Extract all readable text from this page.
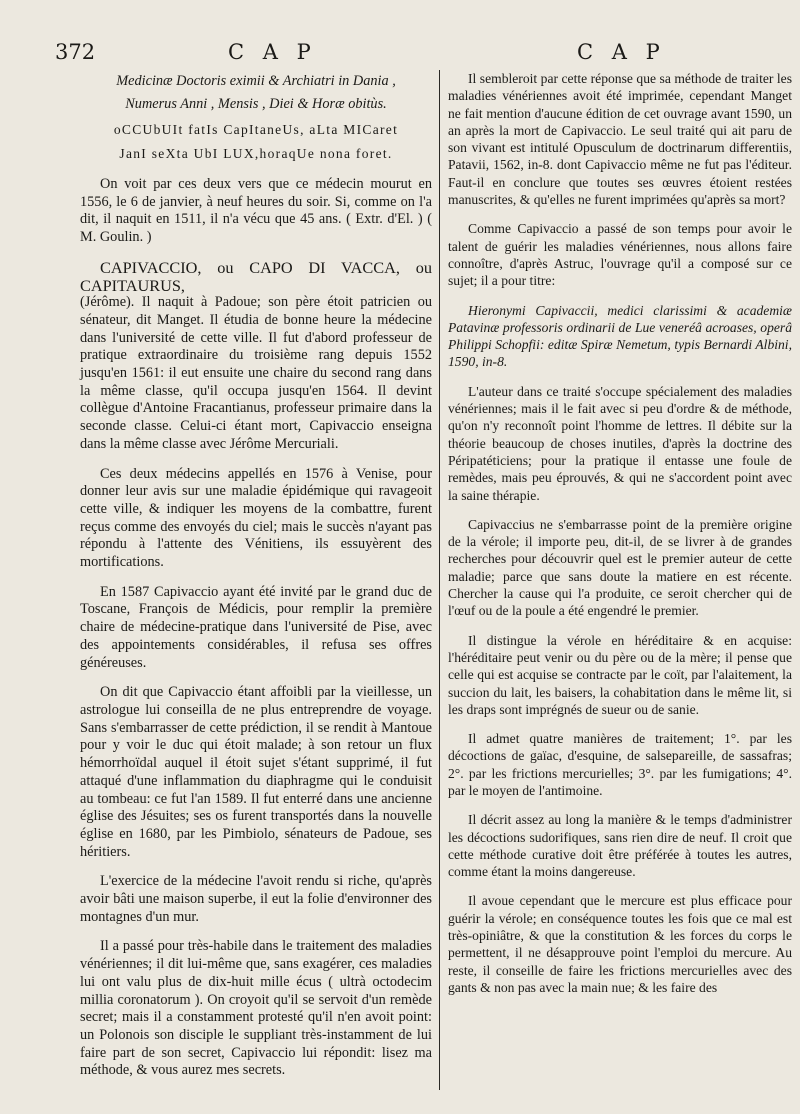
372	C A P	C A P

Medicinæ Doctoris eximii & Archiatri in Dania ,

Numerus Anni , Mensis , Diei & Horæ obitùs.

oCCUbUIt fatIs CapItaneUs, aLta MICaret

JanI seXta UbI LUX,horaqUe nona foret.

On voit par ces deux vers que ce médecin mourut en 1556, le 6 de janvier, à neuf heures du soir. Si, comme on l'a dit, il naquit en 1511, il n'a vécu que 45 ans. ( Extr. d'El. ) ( M. Goulin. )

CAPIVACCIO, ou CAPO DI VACCA, ou CAPITAURUS,

(Jérôme). Il naquit à Padoue; son père étoit patricien ou sénateur, dit Manget. Il étudia de bonne heure la médecine dans l'université de cette ville. Il fut d'abord professeur de pratique extraordinaire du troisième rang depuis 1552 jusqu'en 1561: il eut ensuite une chaire du second rang dans la même classe, qu'il occupa jusqu'en 1564. Il devint collègue d'Antoine Fracantianus, professeur primaire dans la seconde classe. Celui-ci étant mort, Capivaccio enseigna dans la même classe avec Jérôme Mercuriali.

Ces deux médecins appellés en 1576 à Venise, pour donner leur avis sur une maladie épidémique qui ravageoit cette ville, & indiquer les moyens de la combattre, furent reçus comme des envoyés du ciel; mais le succès n'ayant pas répondu à l'attente des Vénitiens, ils essuyèrent des mortifications.

En 1587 Capivaccio ayant été invité par le grand duc de Toscane, François de Médicis, pour remplir la première chaire de médecine-pratique dans l'université de Pise, avec des appointements considérables, il refusa ses offres généreuses.

On dit que Capivaccio étant affoibli par la vieillesse, un astrologue lui conseilla de ne plus entreprendre de voyage. Sans s'embarrasser de cette prédiction, il se rendit à Mantoue pour y voir le duc qui étoit malade; à son retour un flux hémorrhoïdal auquel il étoit sujet s'étant supprimé, il fut attaqué d'une inflammation du diaphragme qui le conduisit au tombeau: ce fut l'an 1589. Il fut enterré dans une ancienne église des Jésuites; ses os furent transportés dans la nouvelle église en 1680, par les Pimbiolo, sénateurs de Padoue, ses héritiers.

L'exercice de la médecine l'avoit rendu si riche, qu'après avoir bâti une maison superbe, il eut la folie d'environner des montagnes d'un mur.

Il a passé pour très-habile dans le traitement des maladies vénériennes; il dit lui-même que, sans exagérer, ces maladies lui ont valu plus de dix-huit mille écus ( ultrà octodecim millia coronatorum ). On croyoit qu'il se servoit d'un remède secret; mais il a constamment protesté qu'il n'en avoit point: un Polonois son disciple le suppliant très-instamment de lui faire part de son secret, Capivaccio lui répondit: lisez ma méthode, & vous aurez mes secrets.

Il sembleroit par cette réponse que sa méthode de traiter les maladies vénériennes avoit été imprimée, cependant Manget ne fait mention d'aucune édition de cet ouvrage avant 1590, un an après la mort de Capivaccio. Le seul traité qui ait paru de son vivant est intitulé Opusculum de doctrinarum differentiis, Patavii, 1562, in-8. dont Capivaccio même ne fut pas l'éditeur. Faut-il en conclure que toutes ses œuvres étoient restées manuscrites, & qu'elles ne furent imprimées qu'après sa mort?

Comme Capivaccio a passé de son temps pour avoir le talent de guérir les maladies vénériennes, nous allons faire connoître, d'après Astruc, l'ouvrage qu'il a composé sur ce sujet; il a pour titre:

Hieronymi Capivaccii, medici clarissimi & academiæ Patavinæ professoris ordinarii de Lue veneréâ acroases, operâ Philippi Schopfii: editæ Spiræ Nemetum, typis Bernardi Albini, 1590, in-8.

L'auteur dans ce traité s'occupe spécialement des maladies vénériennes; mais il le fait avec si peu d'ordre & de méthode, qu'on n'y reconnoît point l'homme de lettres. Il débite sur la théorie beaucoup de choses inutiles, d'après la doctrine des Péripatéticiens; pour la pratique il entasse une foule de remèdes, mais peu éprouvés, & qui ne s'accordent point avec la saine thérapie.

Capivaccius ne s'embarrasse point de la première origine de la vérole; il importe peu, dit-il, de se livrer à de grandes recherches pour découvrir quel est le premier auteur de cette maladie; parce que sans doute la matiere en est récente. Chercher la cause qui l'a produite, ce seroit chercher qui de l'œuf ou de la poule a été engendré le premier.

Il distingue la vérole en héréditaire & en acquise: l'héréditaire peut venir ou du père ou de la mère; il pense que celle qui est acquise se contracte par le coït, par l'alaitement, la succion du lait, les baisers, la cohabitation dans le même lit, si les draps sont imprégnés de sueur ou de sanie.

Il admet quatre manières de traitement; 1°. par les décoctions de gaïac, d'esquine, de salsepareille, de sassafras; 2°. par les frictions mercurielles; 3°. par les fumigations; 4°. par le moyen de l'antimoine.

Il décrit assez au long la manière & le temps d'administrer les décoctions sudorifiques, sans rien dire de neuf. Il croit que cette méthode curative doit être préférée à toutes les autres, comme étant la moins dangereuse.

Il avoue cependant que le mercure est plus efficace pour guérir la vérole; en conséquence toutes les fois que ce mal est très-opiniâtre, & que la constitution & les forces du corps le permettent, il ne désapprouve point l'emploi du mercure. Au reste, il conseille de faire les frictions mercurielles avec des gants & non pas avec la main nue; & les faire des
